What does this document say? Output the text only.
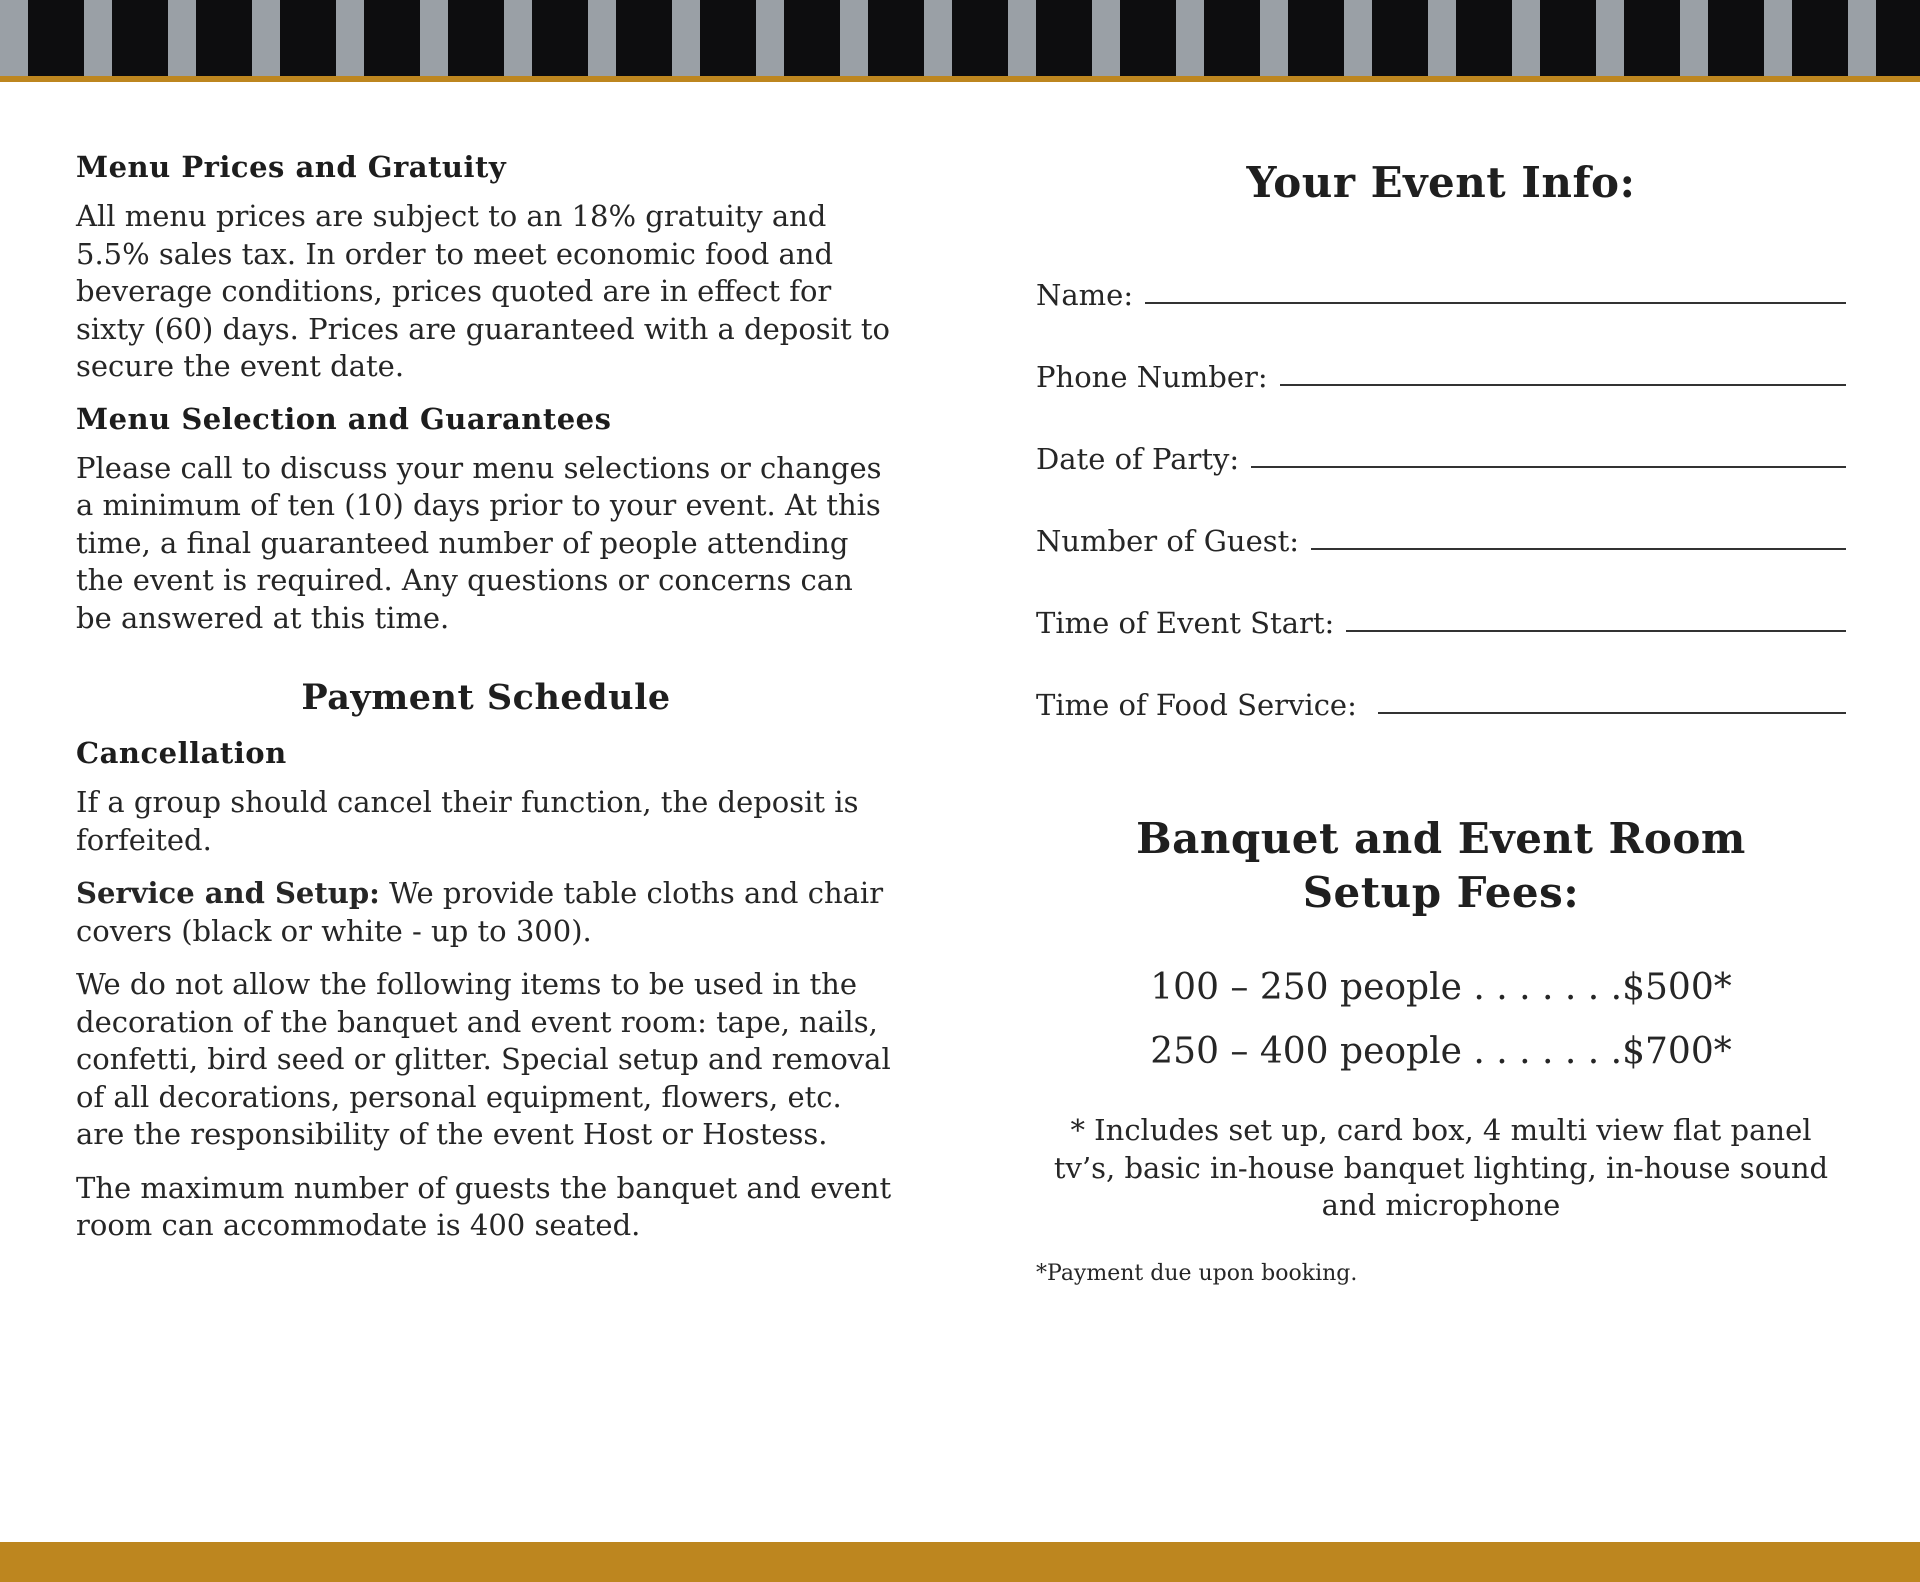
Menu Prices and Gratuity

All menu prices are subject to an 18% gratuity and 5.5% sales tax. In order to meet economic food and beverage conditions, prices quoted are in effect for sixty (60) days. Prices are guaranteed with a deposit to secure the event date.

Menu Selection and Guarantees

Please call to discuss your menu selections or changes a minimum of ten (10) days prior to your event. At this time, a final guaranteed number of people attending the event is required. Any questions or concerns can be answered at this time.

Payment Schedule
Cancellation

If a group should cancel their function, the deposit is forfeited.

Service and Setup: We provide table cloths and chair covers (black or white - up to 300).

We do not allow the following items to be used in the decoration of the banquet and event room: tape, nails, confetti, bird seed or glitter. Special setup and removal of all decorations, personal equipment, flowers, etc. are the responsibility of the event Host or Hostess.

The maximum number of guests the banquet and event room can accommodate is 400 seated.

Your Event Info:
Name:
Phone Number:
Date of Party:
Number of Guest:
Time of Event Start:
Time of Food Service:
Banquet and Event Room
Setup Fees:
100 – 250 people . . . . . . .$500*
250 – 400 people . . . . . . .$700*
* Includes set up, card box, 4 multi view flat panel tv’s, basic in-house banquet lighting, in-house sound and microphone
*Payment due upon booking.
